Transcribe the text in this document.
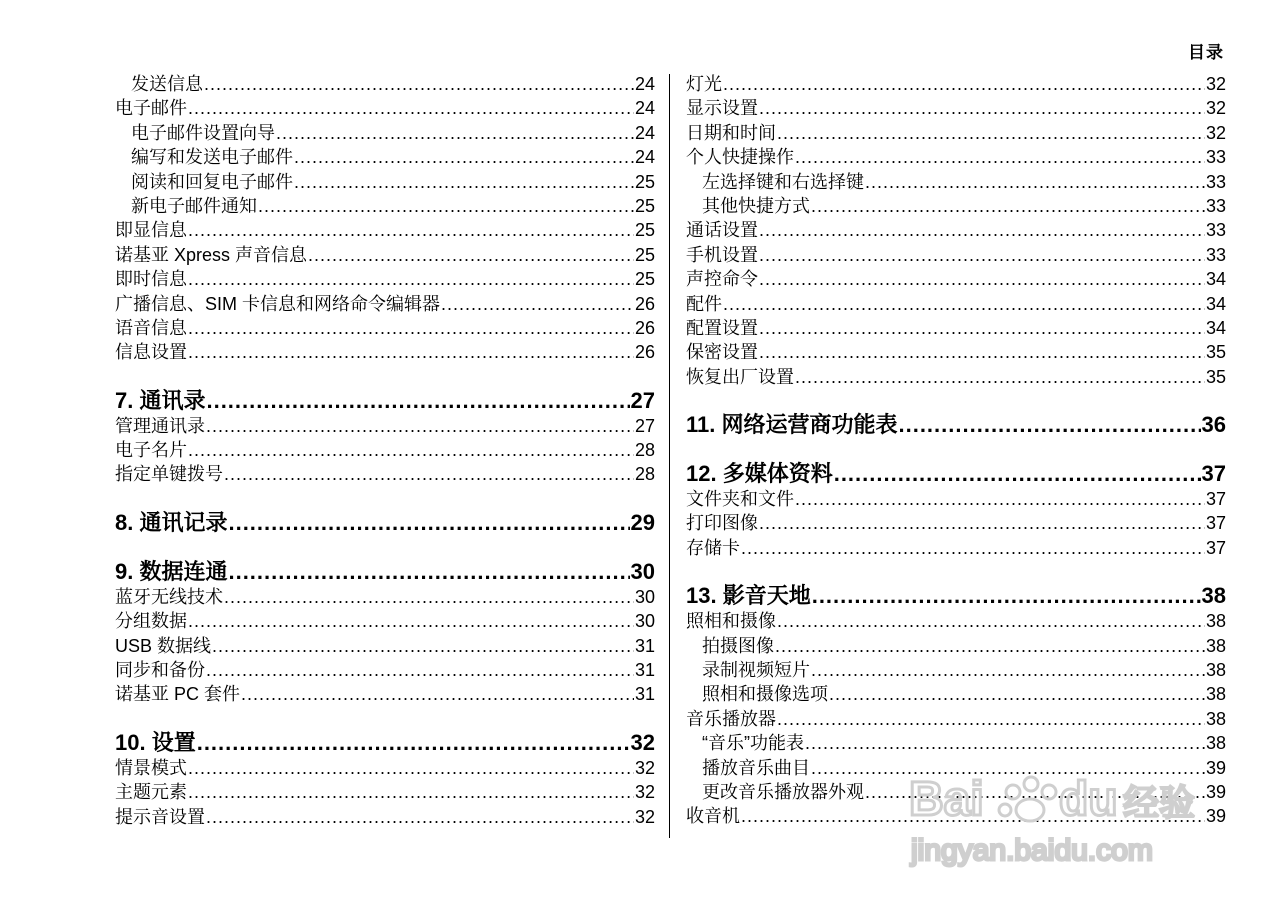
目录
发送信息 .....	24
电子邮件 .....	24
电子邮件设置向导 .....	24
编写和发送电子邮件 .....	24
阅读和回复电子邮件 .....	25
新电子邮件通知 .....	25
即显信息 .....	25
诺基亚 Xpress 声音信息 .....	25
即时信息 .....	25
广播信息、SIM 卡信息和网络命令编辑器 .....	26
语音信息 .....	26
信息设置 .....	26
7. 通讯录 .....	27
管理通讯录 .....	27
电子名片 .....	28
指定单键拨号 .....	28
8. 通讯记录 .....	29
9. 数据连通 .....	30
蓝牙无线技术 .....	30
分组数据 .....	30
USB 数据线 .....	31
同步和备份 .....	31
诺基亚 PC 套件 .....	31
10. 设置 .....	32
情景模式 .....	32
主题元素 .....	32
提示音设置 .....	32
灯光 .....	32
显示设置 .....	32
日期和时间 .....	32
个人快捷操作 .....	33
左选择键和右选择键 .....	33
其他快捷方式 .....	33
通话设置 .....	33
手机设置 .....	33
声控命令 .....	34
配件 .....	34
配置设置 .....	34
保密设置 .....	35
恢复出厂设置 .....	35
11. 网络运营商功能表 .....	36
12. 多媒体资料 .....	37
文件夹和文件 .....	37
打印图像 .....	37
存储卡 .....	37
13. 影音天地 .....	38
照相和摄像 .....	38
拍摄图像 .....	38
录制视频短片 .....	38
照相和摄像选项 .....	38
音乐播放器 .....	38
“音乐”功能表 .....	38
播放音乐曲目 .....	39
更改音乐播放器外观 .....	39
收音机 .....	39
Bai du 经验
jingyan.baidu.com
